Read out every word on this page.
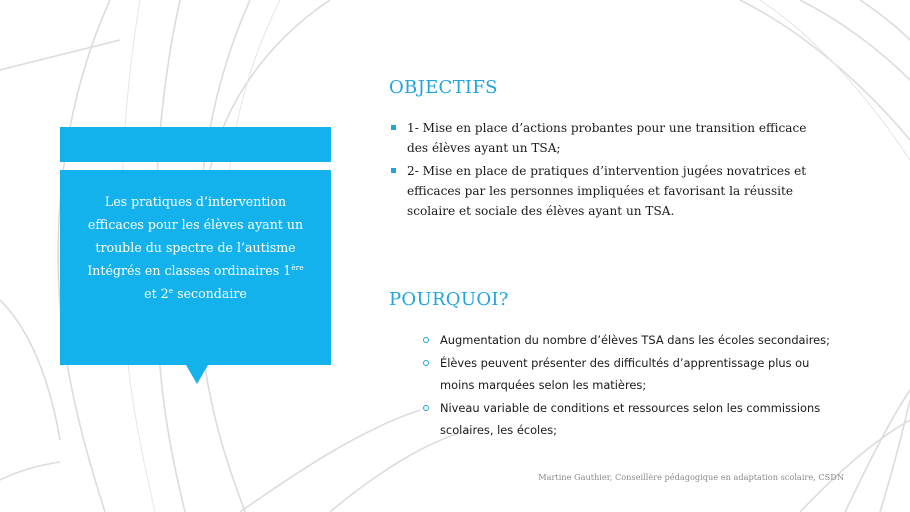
Les pratiques d’intervention
efficaces pour les élèves ayant un
trouble du spectre de l’autisme
Intégrés en classes ordinaires 1ère
et 2e secondaire
OBJECTIFS
1- Mise en place d’actions probantes pour une transition efficace
des élèves ayant un TSA;
2- Mise en place de pratiques d’intervention jugées novatrices et
efficaces par les personnes impliquées et favorisant la réussite
scolaire et sociale des élèves ayant un TSA.
POURQUOI?
Augmentation du nombre d’élèves TSA dans les écoles secondaires;
Élèves peuvent présenter des difficultés d’apprentissage plus ou
moins marquées selon les matières;
Niveau variable de conditions et ressources selon les commissions
scolaires, les écoles;
Martine Gauthier, Conseillère pédagogique en adaptation scolaire, CSDN
